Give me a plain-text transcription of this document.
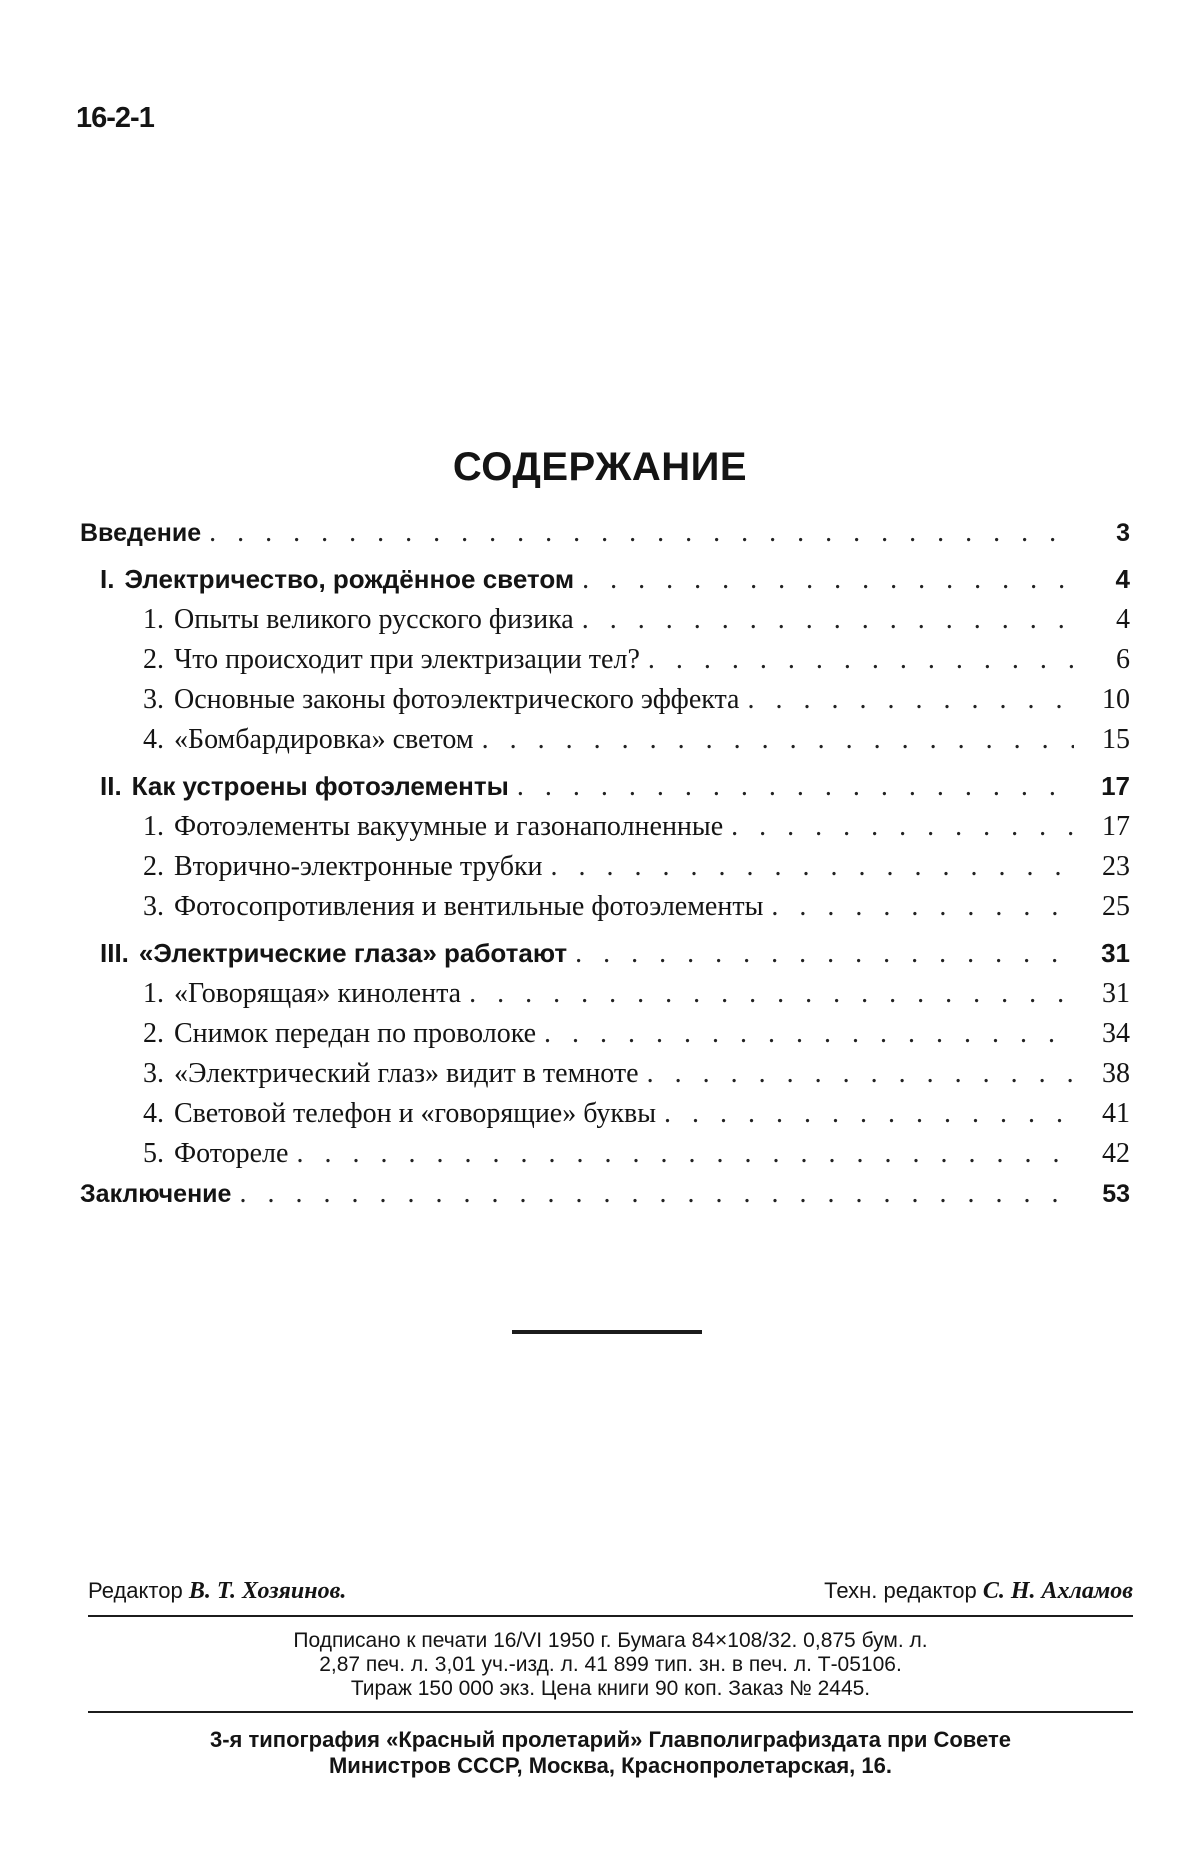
16-2-1
СОДЕРЖАНИЕ
Введение . . .	3
I. Электричество, рождённое светом . . .	4
1. Опыты великого русского физика . . .	4
2. Что происходит при электризации тел? . . .	6
3. Основные законы фотоэлектрического эффекта . . .	10
4. «Бомбардировка» светом . . .	15
II. Как устроены фотоэлементы . . .	17
1. Фотоэлементы вакуумные и газонаполненные . . .	17
2. Вторично-электронные трубки . . .	23
3. Фотосопротивления и вентильные фотоэлементы . . .	25
III. «Электрические глаза» работают . . .	31
1. «Говорящая» кинолента . . .	31
2. Снимок передан по проволоке . . .	34
3. «Электрический глаз» видит в темноте . . .	38
4. Световой телефон и «говорящие» буквы . . .	41
5. Фотореле . . .	42
Заключение . . .	53
Редактор В. Т. Хозяинов.	Техн. редактор С. Н. Ахламов
Подписано к печати 16/VI 1950 г. Бумага 84×108/32. 0,875 бум. л.
2,87 печ. л. 3,01 уч.-изд. л. 41 899 тип. зн. в печ. л. Т-05106.
Тираж 150 000 экз. Цена книги 90 коп. Заказ № 2445.
3-я типография «Красный пролетарий» Главполиграфиздата при Совете
Министров СССР, Москва, Краснопролетарская, 16.
